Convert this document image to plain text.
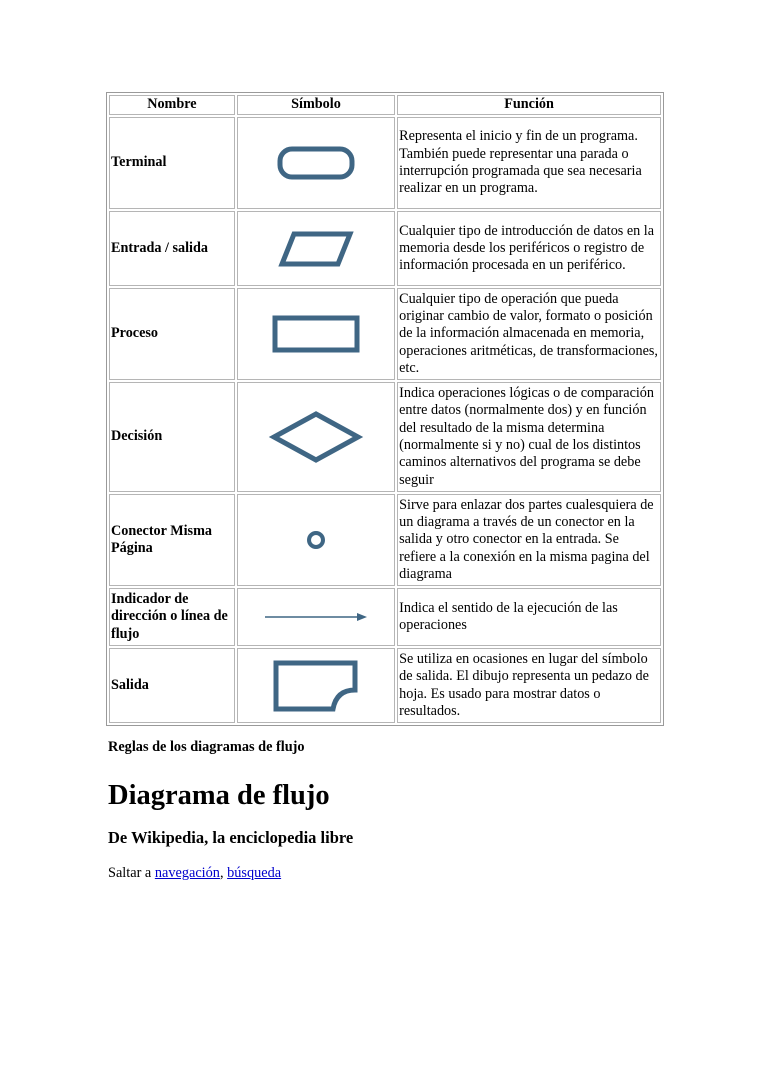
Nombre	Símbolo	Función
Terminal		Representa el inicio y fin de un programa. También puede representar una parada o interrupción programada que sea necesaria realizar en un programa.
Entrada / salida		Cualquier tipo de introducción de datos en la memoria desde los periféricos o registro de información procesada en un periférico.
Proceso		Cualquier tipo de operación que pueda originar cambio de valor, formato o posición de la información almacenada en memoria, operaciones aritméticas, de transformaciones, etc.
Decisión		Indica operaciones lógicas o de comparación entre datos (normalmente dos) y en función del resultado de la misma determina (normalmente si y no) cual de los distintos caminos alternativos del programa se debe seguir
Conector Misma Página		Sirve para enlazar dos partes cualesquiera de un diagrama a través de un conector en la salida y otro conector en la entrada. Se refiere a la conexión en la misma pagina del diagrama
Indicador de dirección o línea de flujo		Indica el sentido de la ejecución de las operaciones
Salida		Se utiliza en ocasiones en lugar del símbolo de salida. El dibujo representa un pedazo de hoja. Es usado para mostrar datos o resultados.
Reglas de los diagramas de flujo
Diagrama de flujo
De Wikipedia, la enciclopedia libre
Saltar a navegación, búsqueda
